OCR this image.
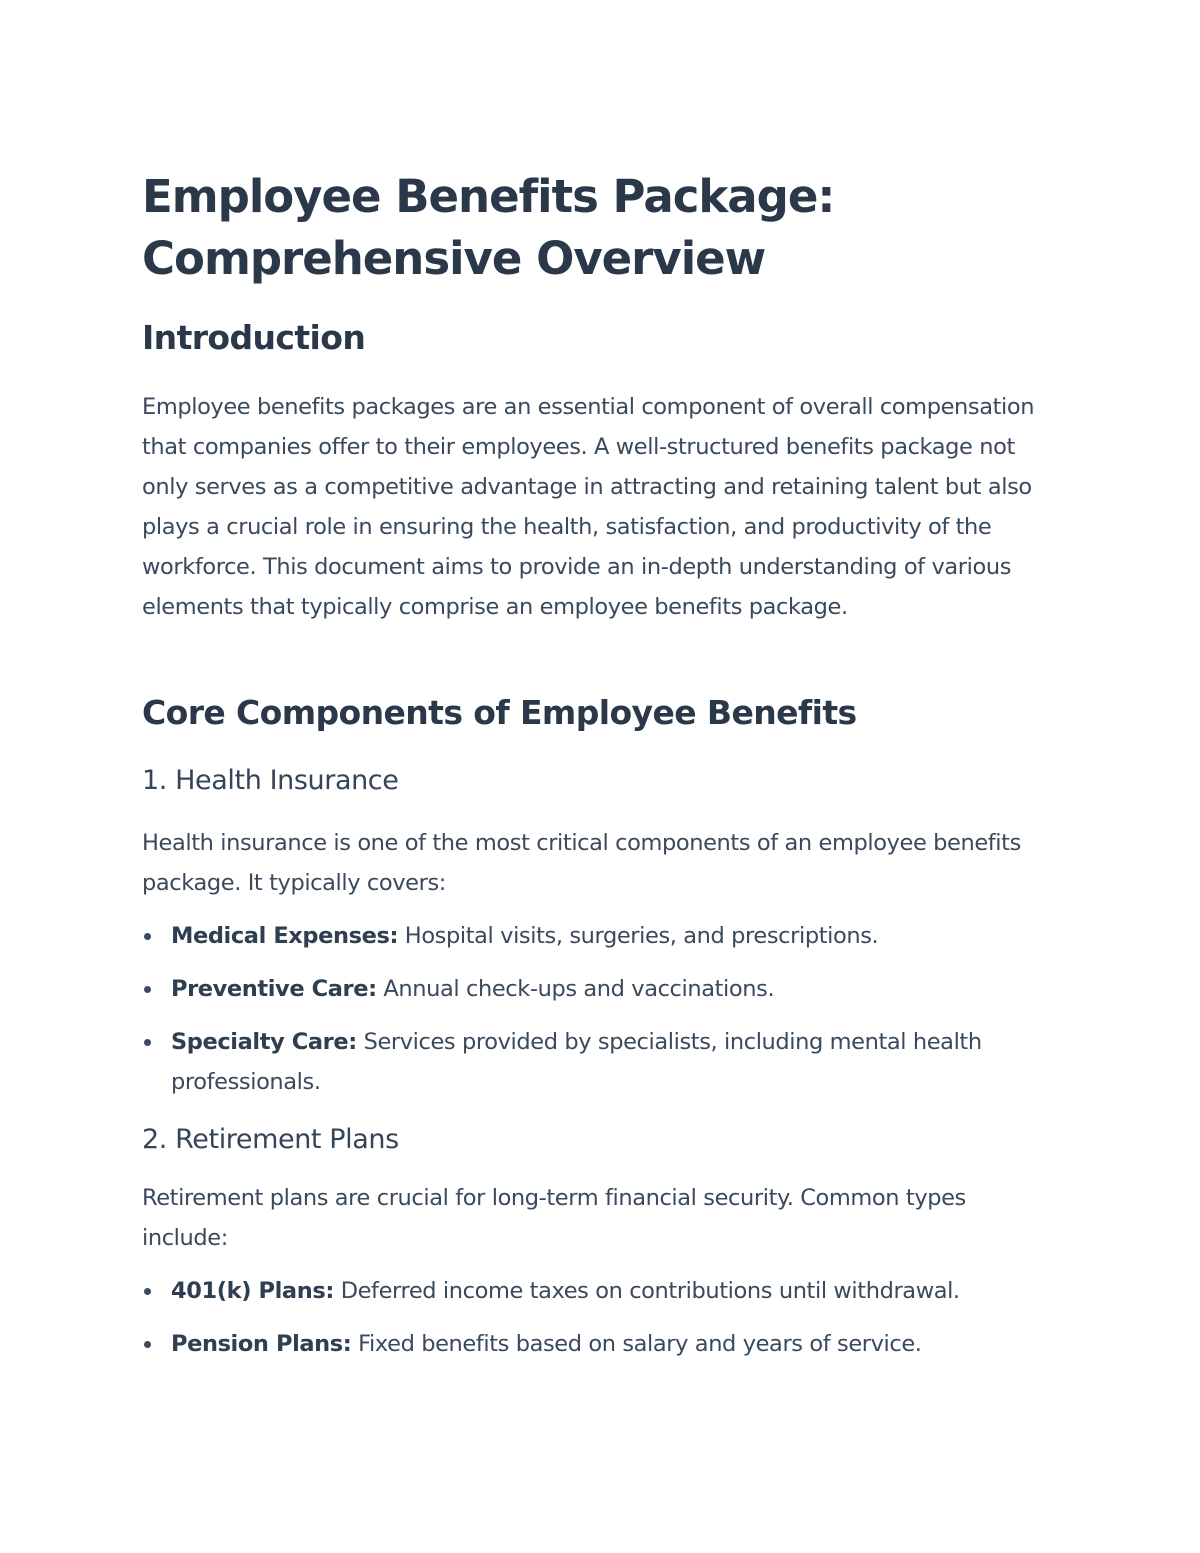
Employee Benefits Package:
Comprehensive Overview
Introduction

Employee benefits packages are an essential component of overall compensation that companies offer to their employees. A well-structured benefits package not only serves as a competitive advantage in attracting and retaining talent but also plays a crucial role in ensuring the health, satisfaction, and productivity of the workforce. This document aims to provide an in-depth understanding of various elements that typically comprise an employee benefits package.

Core Components of Employee Benefits
1. Health Insurance

Health insurance is one of the most critical components of an employee benefits package. It typically covers:

Medical Expenses: Hospital visits, surgeries, and prescriptions.
Preventive Care: Annual check-ups and vaccinations.
Specialty Care: Services provided by specialists, including mental health professionals.
2. Retirement Plans

Retirement plans are crucial for long-term financial security. Common types include:

401(k) Plans: Deferred income taxes on contributions until withdrawal.
Pension Plans: Fixed benefits based on salary and years of service.
